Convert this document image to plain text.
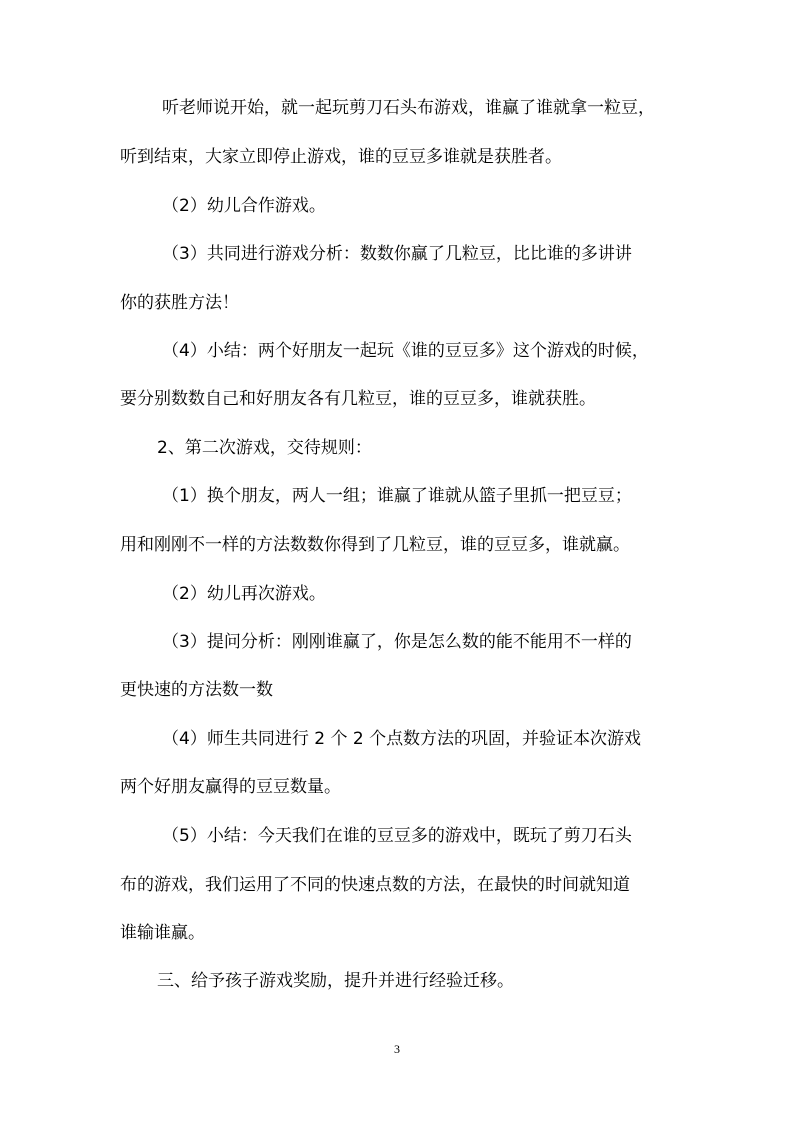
听老师说开始，就一起玩剪刀石头布游戏，谁赢了谁就拿一粒豆，
听到结束，大家立即停止游戏，谁的豆豆多谁就是获胜者。
（2）幼儿合作游戏。
（3）共同进行游戏分析：数数你赢了几粒豆，比比谁的多讲讲
你的获胜方法！
（4）小结：两个好朋友一起玩《谁的豆豆多》这个游戏的时候，
要分别数数自己和好朋友各有几粒豆，谁的豆豆多，谁就获胜。
2、第二次游戏，交待规则：
（1）换个朋友，两人一组；谁赢了谁就从篮子里抓一把豆豆；
用和刚刚不一样的方法数数你得到了几粒豆，谁的豆豆多，谁就赢。
（2）幼儿再次游戏。
（3）提问分析：刚刚谁赢了，你是怎么数的能不能用不一样的
更快速的方法数一数
（4）师生共同进行 2 个 2 个点数方法的巩固，并验证本次游戏
两个好朋友赢得的豆豆数量。
（5）小结：今天我们在谁的豆豆多的游戏中，既玩了剪刀石头
布的游戏，我们运用了不同的快速点数的方法，在最快的时间就知道
谁输谁赢。
三、给予孩子游戏奖励，提升并进行经验迁移。
3
